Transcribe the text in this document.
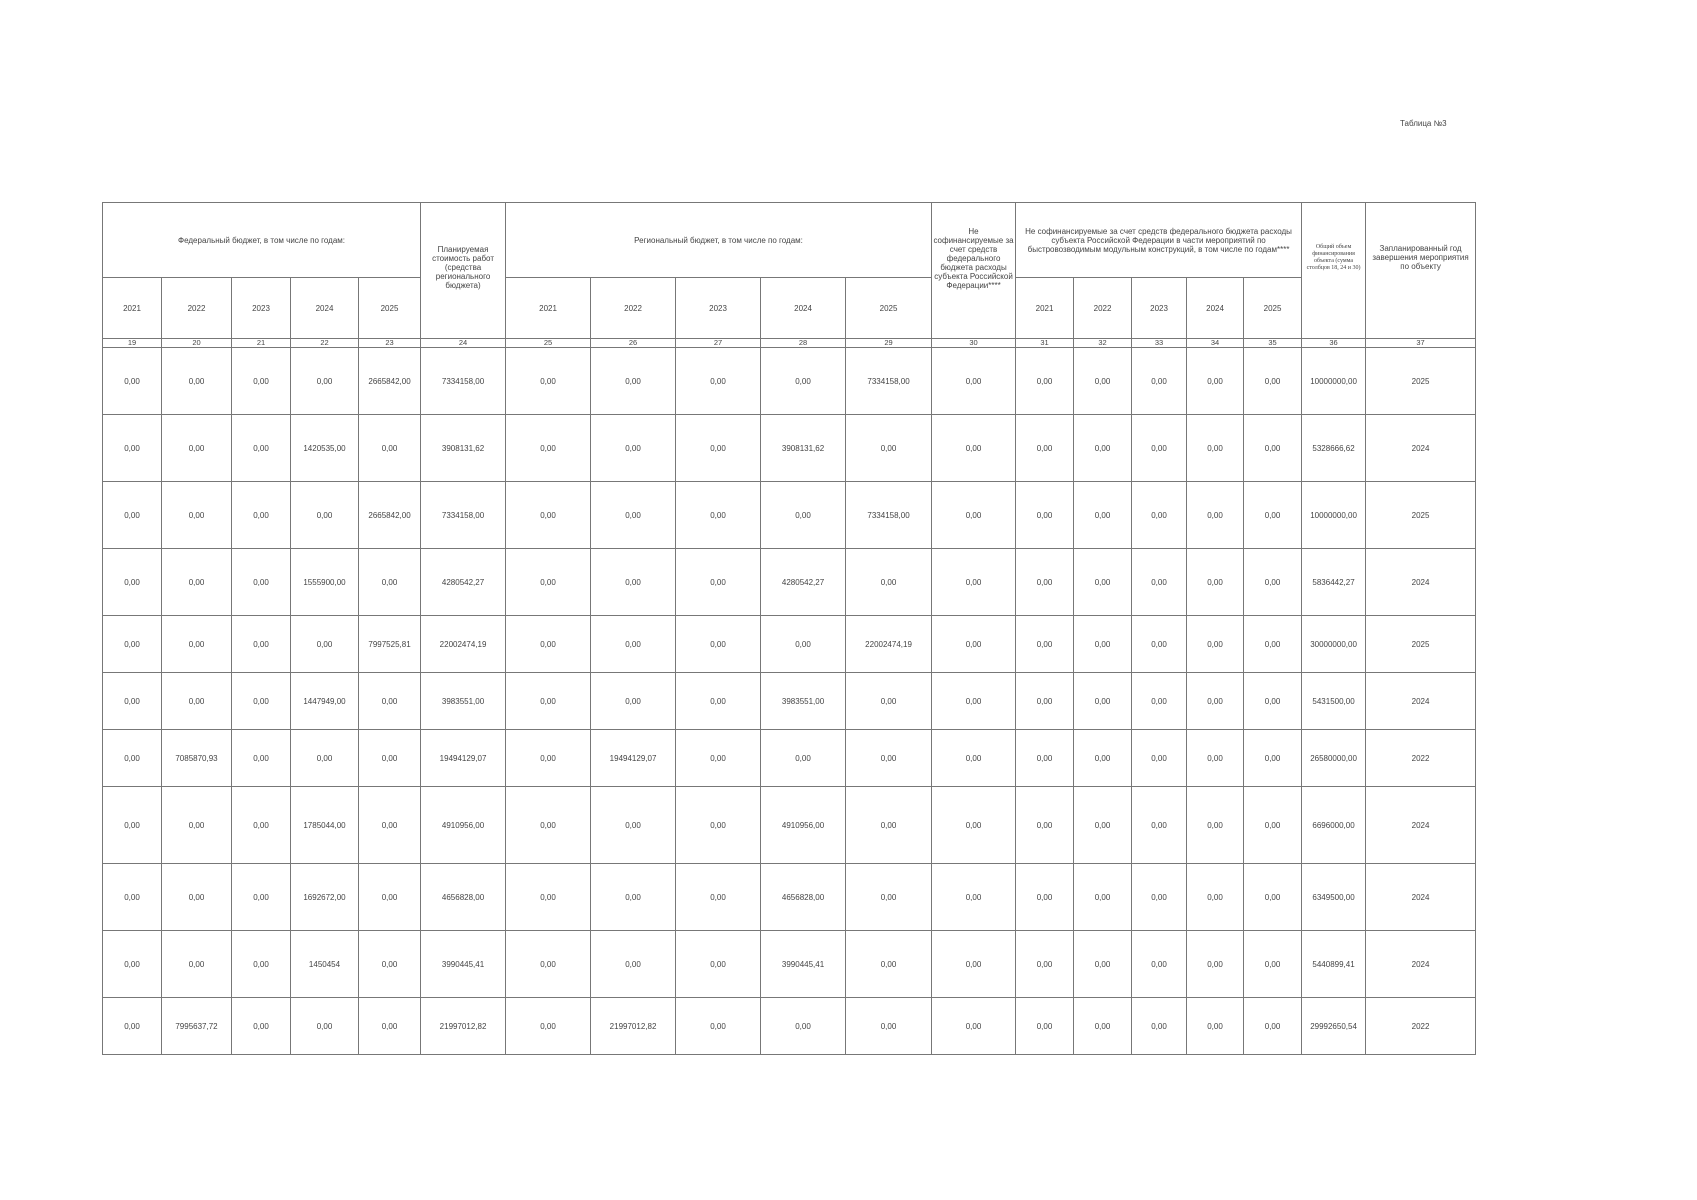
Таблица №3
Федеральный бюджет, в том числе по годам:					Планируемая стоимость работ (средства регионального бюджета)	Региональный бюджет, в том числе по годам:					Не софинансируемые за счет средств федерального бюджета расходы субъекта Российской Федерации****	Не софинансируемые за счет средств федерального бюджета расходы субъекта Российской Федерации в части мероприятий по быстровозводимым модульным конструкций, в том числе по годам****					Общий объем финансирования объекта (сумма столбцов 18, 24 и 30)	Запланированный год завершения мероприятия по объекту
2021	2022	2023	2024	2025		2021	2022	2023	2024	2025		2021	2022	2023	2024	2025		
19	20	21	22	23	24	25	26	27	28	29	30	31	32	33	34	35	36	37
0,00	0,00	0,00	0,00	2665842,00	7334158,00	0,00	0,00	0,00	0,00	7334158,00	0,00	0,00	0,00	0,00	0,00	0,00	10000000,00	2025
0,00	0,00	0,00	1420535,00	0,00	3908131,62	0,00	0,00	0,00	3908131,62	0,00	0,00	0,00	0,00	0,00	0,00	0,00	5328666,62	2024
0,00	0,00	0,00	0,00	2665842,00	7334158,00	0,00	0,00	0,00	0,00	7334158,00	0,00	0,00	0,00	0,00	0,00	0,00	10000000,00	2025
0,00	0,00	0,00	1555900,00	0,00	4280542,27	0,00	0,00	0,00	4280542,27	0,00	0,00	0,00	0,00	0,00	0,00	0,00	5836442,27	2024
0,00	0,00	0,00	0,00	7997525,81	22002474,19	0,00	0,00	0,00	0,00	22002474,19	0,00	0,00	0,00	0,00	0,00	0,00	30000000,00	2025
0,00	0,00	0,00	1447949,00	0,00	3983551,00	0,00	0,00	0,00	3983551,00	0,00	0,00	0,00	0,00	0,00	0,00	0,00	5431500,00	2024
0,00	7085870,93	0,00	0,00	0,00	19494129,07	0,00	19494129,07	0,00	0,00	0,00	0,00	0,00	0,00	0,00	0,00	0,00	26580000,00	2022
0,00	0,00	0,00	1785044,00	0,00	4910956,00	0,00	0,00	0,00	4910956,00	0,00	0,00	0,00	0,00	0,00	0,00	0,00	6696000,00	2024
0,00	0,00	0,00	1692672,00	0,00	4656828,00	0,00	0,00	0,00	4656828,00	0,00	0,00	0,00	0,00	0,00	0,00	0,00	6349500,00	2024
0,00	0,00	0,00	1450454	0,00	3990445,41	0,00	0,00	0,00	3990445,41	0,00	0,00	0,00	0,00	0,00	0,00	0,00	5440899,41	2024
0,00	7995637,72	0,00	0,00	0,00	21997012,82	0,00	21997012,82	0,00	0,00	0,00	0,00	0,00	0,00	0,00	0,00	0,00	29992650,54	2022
